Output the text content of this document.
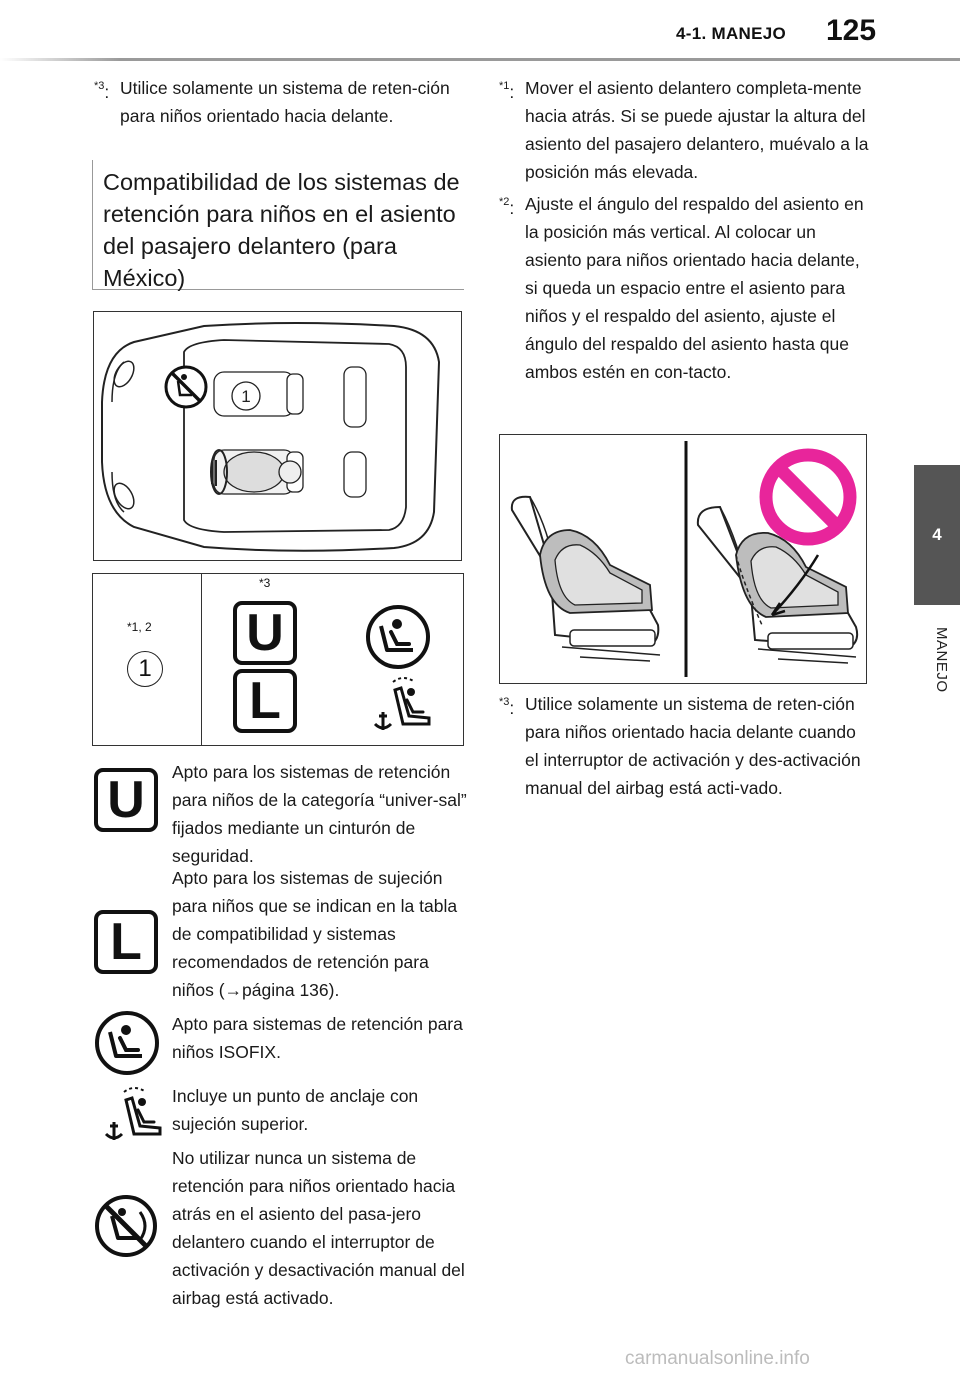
4-1. MANEJO 125
4
MANEJO
$^{*3}$: Utilice solamente un sistema de reten-ción para niños orientado hacia delante.
Compatibilidad de los sistemas de retención para niños en el asiento del pasajero delantero (para México)
1
*1, 2
1
*3
U
L
U Apto para los sistemas de retención para niños de la categoría “univer-sal” fijados mediante un cinturón de seguridad.
L
Apto para los sistemas de sujeción para niños que se indican en la tabla de compatibilidad y sistemas recomendados de retención para niños (→página 136).
Apto para sistemas de retención para niños ISOFIX.
Incluye un punto de anclaje con sujeción superior.
No utilizar nunca un sistema de retención para niños orientado hacia atrás en el asiento del pasa-jero delantero cuando el interruptor de activación y desactivación manual del airbag está activado.
$^{*1}$: Mover el asiento delantero completa-mente hacia atrás. Si se puede ajustar la altura del asiento del pasajero delantero, muévalo a la posición más elevada.
$^{*2}$: Ajuste el ángulo del respaldo del asiento en la posición más vertical. Al colocar un asiento para niños orientado hacia delante, si queda un espacio entre el asiento para niños y el respaldo del asiento, ajuste el ángulo del respaldo del asiento hasta que ambos estén en con-tacto.
$^{*3}$: Utilice solamente un sistema de reten-ción para niños orientado hacia delante cuando el interruptor de activación y des-activación manual del airbag está acti-vado.
carmanualsonline.info
